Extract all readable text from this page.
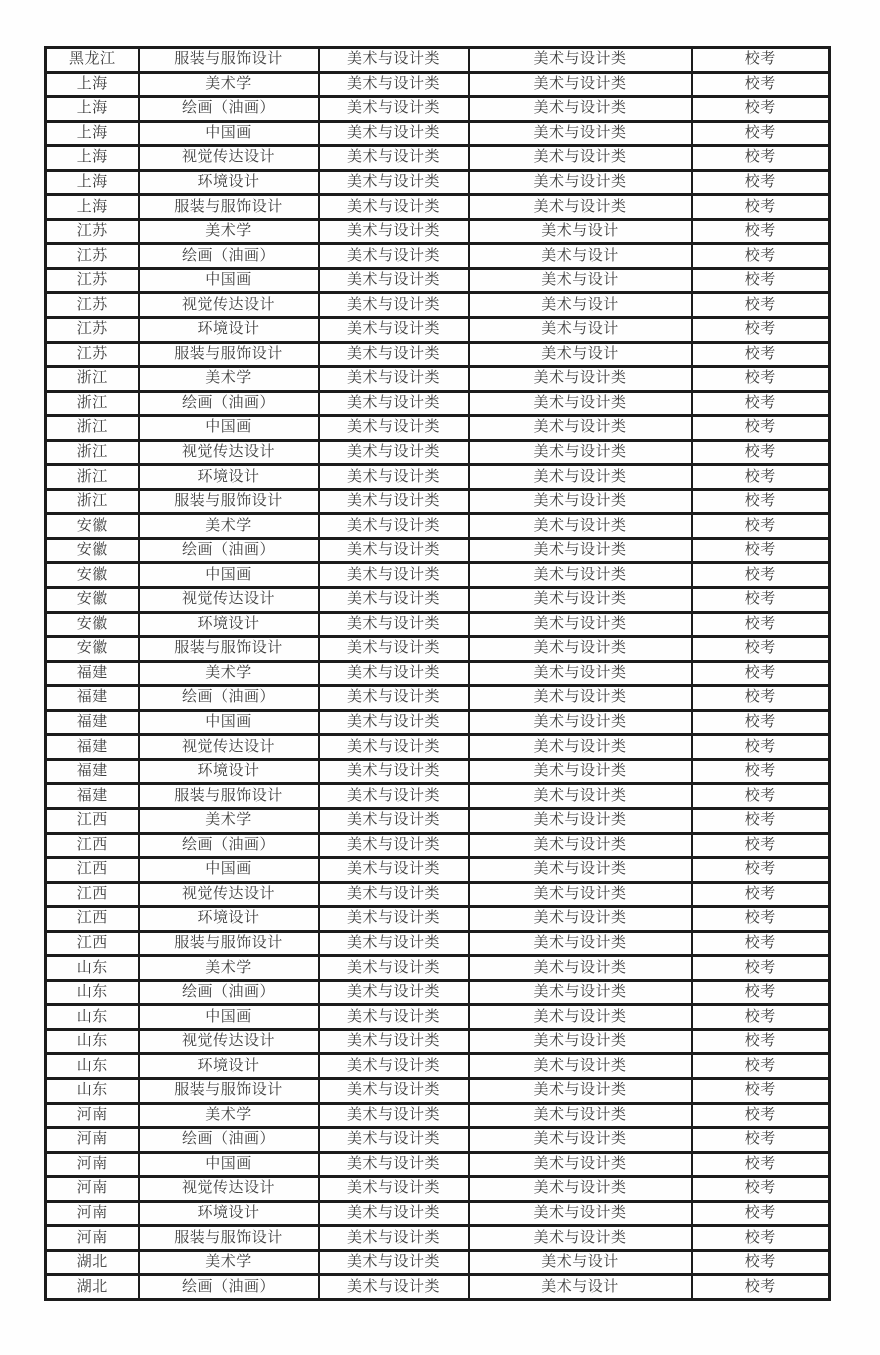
黑龙江	服装与服饰设计	美术与设计类	美术与设计类	校考
上海	美术学	美术与设计类	美术与设计类	校考
上海	绘画（油画）	美术与设计类	美术与设计类	校考
上海	中国画	美术与设计类	美术与设计类	校考
上海	视觉传达设计	美术与设计类	美术与设计类	校考
上海	环境设计	美术与设计类	美术与设计类	校考
上海	服装与服饰设计	美术与设计类	美术与设计类	校考
江苏	美术学	美术与设计类	美术与设计	校考
江苏	绘画（油画）	美术与设计类	美术与设计	校考
江苏	中国画	美术与设计类	美术与设计	校考
江苏	视觉传达设计	美术与设计类	美术与设计	校考
江苏	环境设计	美术与设计类	美术与设计	校考
江苏	服装与服饰设计	美术与设计类	美术与设计	校考
浙江	美术学	美术与设计类	美术与设计类	校考
浙江	绘画（油画）	美术与设计类	美术与设计类	校考
浙江	中国画	美术与设计类	美术与设计类	校考
浙江	视觉传达设计	美术与设计类	美术与设计类	校考
浙江	环境设计	美术与设计类	美术与设计类	校考
浙江	服装与服饰设计	美术与设计类	美术与设计类	校考
安徽	美术学	美术与设计类	美术与设计类	校考
安徽	绘画（油画）	美术与设计类	美术与设计类	校考
安徽	中国画	美术与设计类	美术与设计类	校考
安徽	视觉传达设计	美术与设计类	美术与设计类	校考
安徽	环境设计	美术与设计类	美术与设计类	校考
安徽	服装与服饰设计	美术与设计类	美术与设计类	校考
福建	美术学	美术与设计类	美术与设计类	校考
福建	绘画（油画）	美术与设计类	美术与设计类	校考
福建	中国画	美术与设计类	美术与设计类	校考
福建	视觉传达设计	美术与设计类	美术与设计类	校考
福建	环境设计	美术与设计类	美术与设计类	校考
福建	服装与服饰设计	美术与设计类	美术与设计类	校考
江西	美术学	美术与设计类	美术与设计类	校考
江西	绘画（油画）	美术与设计类	美术与设计类	校考
江西	中国画	美术与设计类	美术与设计类	校考
江西	视觉传达设计	美术与设计类	美术与设计类	校考
江西	环境设计	美术与设计类	美术与设计类	校考
江西	服装与服饰设计	美术与设计类	美术与设计类	校考
山东	美术学	美术与设计类	美术与设计类	校考
山东	绘画（油画）	美术与设计类	美术与设计类	校考
山东	中国画	美术与设计类	美术与设计类	校考
山东	视觉传达设计	美术与设计类	美术与设计类	校考
山东	环境设计	美术与设计类	美术与设计类	校考
山东	服装与服饰设计	美术与设计类	美术与设计类	校考
河南	美术学	美术与设计类	美术与设计类	校考
河南	绘画（油画）	美术与设计类	美术与设计类	校考
河南	中国画	美术与设计类	美术与设计类	校考
河南	视觉传达设计	美术与设计类	美术与设计类	校考
河南	环境设计	美术与设计类	美术与设计类	校考
河南	服装与服饰设计	美术与设计类	美术与设计类	校考
湖北	美术学	美术与设计类	美术与设计	校考
湖北	绘画（油画）	美术与设计类	美术与设计	校考
